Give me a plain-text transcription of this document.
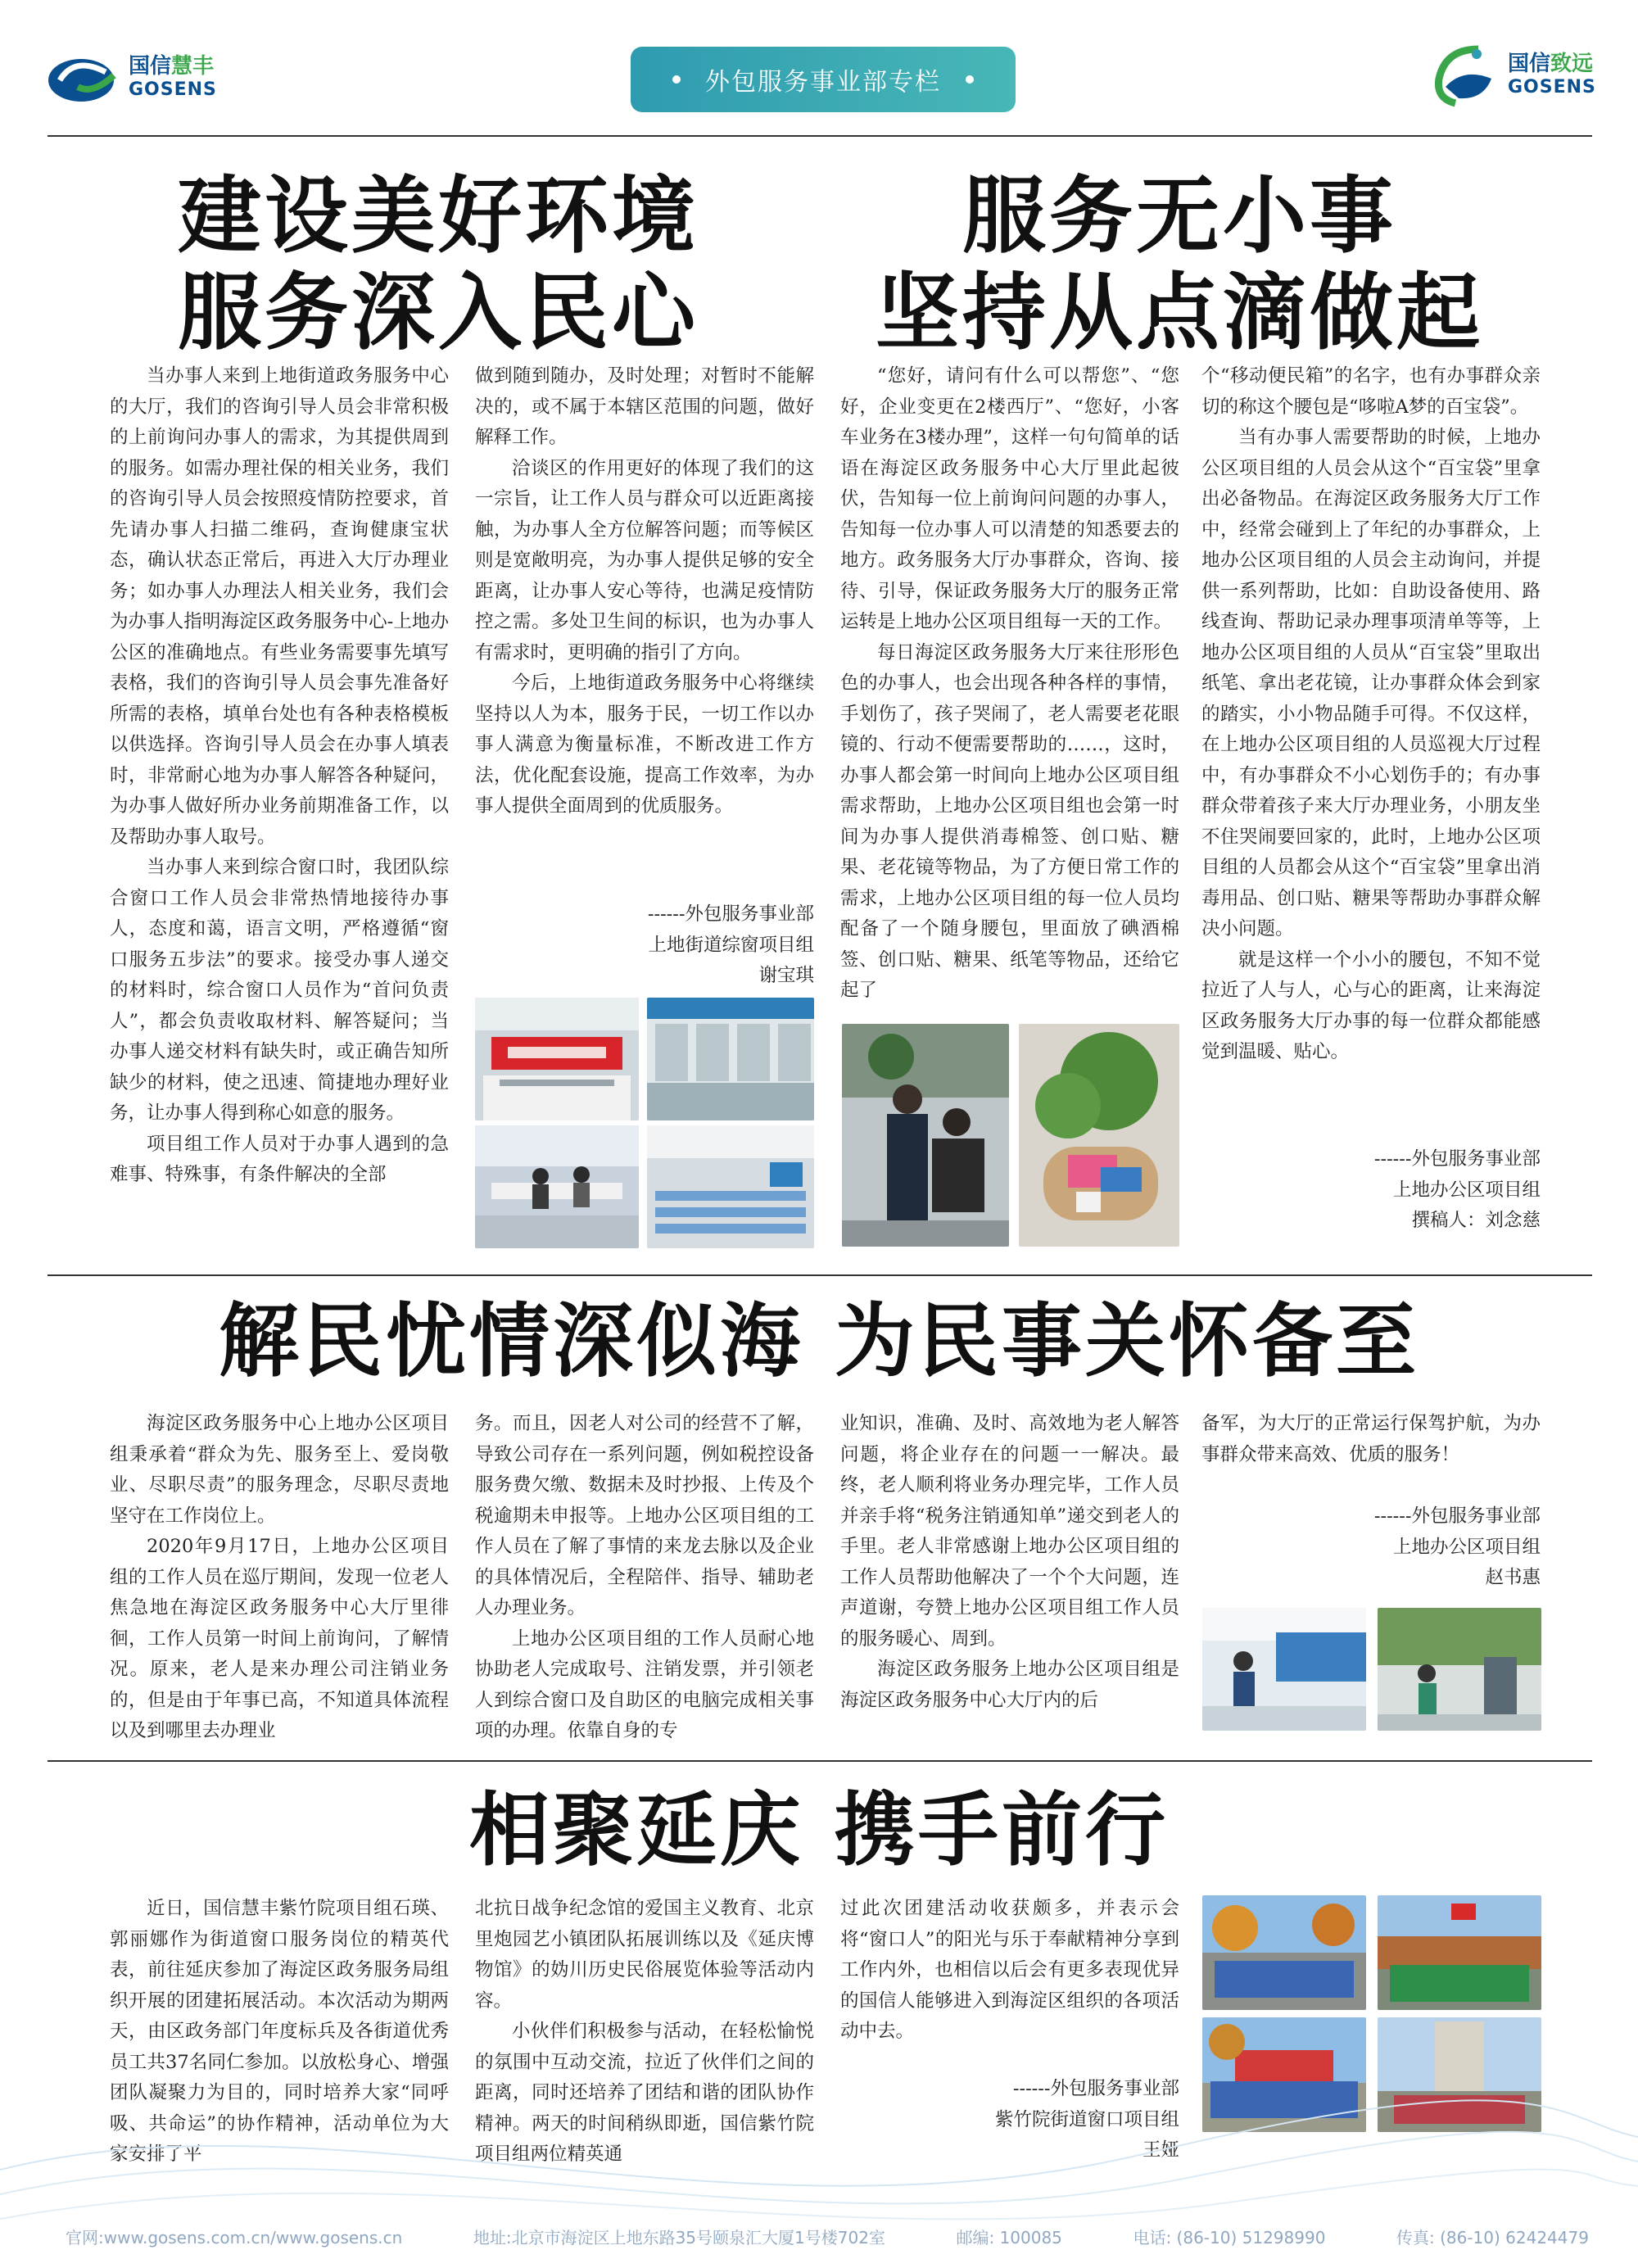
国信慧丰
GOSENS	外包服务事业部专栏
国信致远
GOSENS
建设美好环境
服务深入民心

当办事人来到上地街道政务服务中心的大厅，我们的咨询引导人员会非常积极的上前询问办事人的需求，为其提供周到的服务。如需办理社保的相关业务，我们的咨询引导人员会按照疫情防控要求，首先请办事人扫描二维码，查询健康宝状态，确认状态正常后，再进入大厅办理业务；如办事人办理法人相关业务，我们会为办事人指明海淀区政务服务中心-上地办公区的准确地点。有些业务需要事先填写表格，我们的咨询引导人员会事先准备好所需的表格，填单台处也有各种表格模板以供选择。咨询引导人员会在办事人填表时，非常耐心地为办事人解答各种疑问，为办事人做好所办业务前期准备工作，以及帮助办事人取号。

当办事人来到综合窗口时，我团队综合窗口工作人员会非常热情地接待办事人，态度和蔼，语言文明，严格遵循“窗口服务五步法”的要求。接受办事人递交的材料时，综合窗口人员作为“首问负责人”，都会负责收取材料、解答疑问；当办事人递交材料有缺失时，或正确告知所缺少的材料，使之迅速、简捷地办理好业务，让办事人得到称心如意的服务。

项目组工作人员对于办事人遇到的急难事、特殊事，有条件解决的全部

做到随到随办，及时处理；对暂时不能解决的，或不属于本辖区范围的问题，做好解释工作。

洽谈区的作用更好的体现了我们的这一宗旨，让工作人员与群众可以近距离接触，为办事人全方位解答问题；而等候区则是宽敞明亮，为办事人提供足够的安全距离，让办事人安心等待，也满足疫情防控之需。多处卫生间的标识，也为办事人有需求时，更明确的指引了方向。

今后，上地街道政务服务中心将继续坚持以人为本，服务于民，一切工作以办事人满意为衡量标准，不断改进工作方法，优化配套设施，提高工作效率，为办事人提供全面周到的优质服务。

------外包服务事业部
上地街道综窗项目组
谢宝琪
服务无小事
坚持从点滴做起

“您好，请问有什么可以帮您”、“您好，企业变更在2楼西厅”、“您好，小客车业务在3楼办理”，这样一句句简单的话语在海淀区政务服务中心大厅里此起彼伏，告知每一位上前询问问题的办事人，告知每一位办事人可以清楚的知悉要去的地方。政务服务大厅办事群众，咨询、接待、引导，保证政务服务大厅的服务正常运转是上地办公区项目组每一天的工作。

每日海淀区政务服务大厅来往形形色色的办事人，也会出现各种各样的事情，手划伤了，孩子哭闹了，老人需要老花眼镜的、行动不便需要帮助的……，这时，办事人都会第一时间向上地办公区项目组需求帮助，上地办公区项目组也会第一时间为办事人提供消毒棉签、创口贴、糖果、老花镜等物品，为了方便日常工作的需求，上地办公区项目组的每一位人员均配备了一个随身腰包，里面放了碘酒棉签、创口贴、糖果、纸笔等物品，还给它起了

个“移动便民箱”的名字，也有办事群众亲切的称这个腰包是“哆啦A梦的百宝袋”。

当有办事人需要帮助的时候，上地办公区项目组的人员会从这个“百宝袋”里拿出必备物品。在海淀区政务服务大厅工作中，经常会碰到上了年纪的办事群众，上地办公区项目组的人员会主动询问，并提供一系列帮助，比如：自助设备使用、路线查询、帮助记录办理事项清单等等，上地办公区项目组的人员从“百宝袋”里取出纸笔、拿出老花镜，让办事群众体会到家的踏实，小小物品随手可得。不仅这样，在上地办公区项目组的人员巡视大厅过程中，有办事群众不小心划伤手的；有办事群众带着孩子来大厅办理业务，小朋友坐不住哭闹要回家的，此时，上地办公区项目组的人员都会从这个“百宝袋”里拿出消毒用品、创口贴、糖果等帮助办事群众解决小问题。

就是这样一个小小的腰包，不知不觉拉近了人与人，心与心的距离，让来海淀区政务服务大厅办事的每一位群众都能感觉到温暖、贴心。

------外包服务事业部
上地办公区项目组
撰稿人：刘念慈
解民忧情深似海 为民事关怀备至

海淀区政务服务中心上地办公区项目组秉承着“群众为先、服务至上、爱岗敬业、尽职尽责”的服务理念，尽职尽责地坚守在工作岗位上。

2020年9月17日，上地办公区项目组的工作人员在巡厅期间，发现一位老人焦急地在海淀区政务服务中心大厅里徘徊，工作人员第一时间上前询问，了解情况。原来，老人是来办理公司注销业务的，但是由于年事已高，不知道具体流程以及到哪里去办理业

务。而且，因老人对公司的经营不了解，导致公司存在一系列问题，例如税控设备服务费欠缴、数据未及时抄报、上传及个税逾期未申报等。上地办公区项目组的工作人员在了解了事情的来龙去脉以及企业的具体情况后，全程陪伴、指导、辅助老人办理业务。

上地办公区项目组的工作人员耐心地协助老人完成取号、注销发票，并引领老人到综合窗口及自助区的电脑完成相关事项的办理。依靠自身的专

业知识，准确、及时、高效地为老人解答问题，将企业存在的问题一一解决。最终，老人顺利将业务办理完毕，工作人员并亲手将“税务注销通知单”递交到老人的手里。老人非常感谢上地办公区项目组的工作人员帮助他解决了一个个大问题，连声道谢，夸赞上地办公区项目组工作人员的服务暖心、周到。

海淀区政务服务上地办公区项目组是海淀区政务服务中心大厅内的后

备军，为大厅的正常运行保驾护航，为办事群众带来高效、优质的服务！

------外包服务事业部
上地办公区项目组
赵书惠
相聚延庆 携手前行

近日，国信慧丰紫竹院项目组石瑛、郭丽娜作为街道窗口服务岗位的精英代表，前往延庆参加了海淀区政务服务局组织开展的团建拓展活动。本次活动为期两天，由区政务部门年度标兵及各街道优秀员工共37名同仁参加。以放松身心、增强团队凝聚力为目的，同时培养大家“同呼吸、共命运”的协作精神，活动单位为大家安排了平

北抗日战争纪念馆的爱国主义教育、北京里炮园艺小镇团队拓展训练以及《延庆博物馆》的妫川历史民俗展览体验等活动内容。

小伙伴们积极参与活动，在轻松愉悦的氛围中互动交流，拉近了伙伴们之间的距离，同时还培养了团结和谐的团队协作精神。两天的时间稍纵即逝，国信紫竹院项目组两位精英通

过此次团建活动收获颇多，并表示会将“窗口人”的阳光与乐于奉献精神分享到工作内外，也相信以后会有更多表现优异的国信人能够进入到海淀区组织的各项活动中去。

------外包服务事业部
紫竹院街道窗口项目组
王娅
官网:www.gosens.com.cn/www.gosens.cn	地址:北京市海淀区上地东路35号颐泉汇大厦1号楼702室	邮编: 100085	电话: (86-10) 51298990	传真: (86-10) 62424479
